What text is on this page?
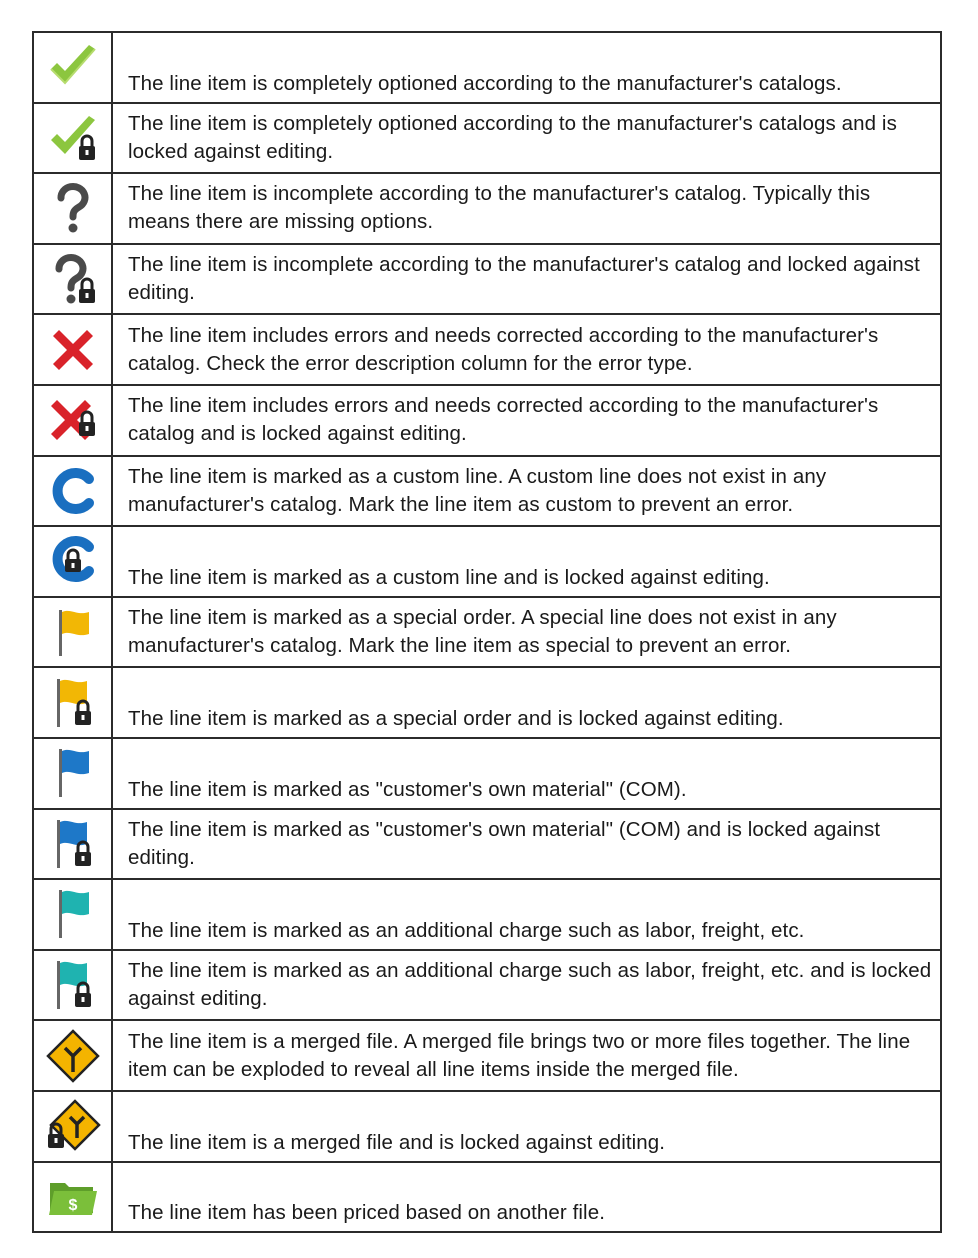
	The line item is completely optioned according to the manufacturer's catalogs.

	The line item is completely optioned according to the manufacturer's catalogs and is locked against editing.

	The line item is incomplete according to the manufacturer's catalog. Typically this means there are missing options.

	The line item is incomplete according to the manufacturer's catalog and locked against editing.

	The line item includes errors and needs corrected according to the manufacturer's catalog. Check the error description column for the error type.

	The line item includes errors and needs corrected according to the manufacturer's catalog and is locked against editing.

	The line item is marked as a custom line. A custom line does not exist in any manufacturer's catalog. Mark the line item as custom to prevent an error.

	The line item is marked as a custom line and is locked against editing.

	The line item is marked as a special order. A special line does not exist in any manufacturer's catalog. Mark the line item as special to prevent an error.

	The line item is marked as a special order and is locked against editing.

	The line item is marked as "customer's own material" (COM).

	The line item is marked as "customer's own material" (COM) and is locked against editing.

	The line item is marked as an additional charge such as labor, freight, etc.

	The line item is marked as an additional charge such as labor, freight, etc. and is locked against editing.

	The line item is a merged file. A merged file brings two or more files together. The line item can be exploded to reveal all line items inside the merged file.

	The line item is a merged file and is locked against editing.

$	The line item has been priced based on another file.
